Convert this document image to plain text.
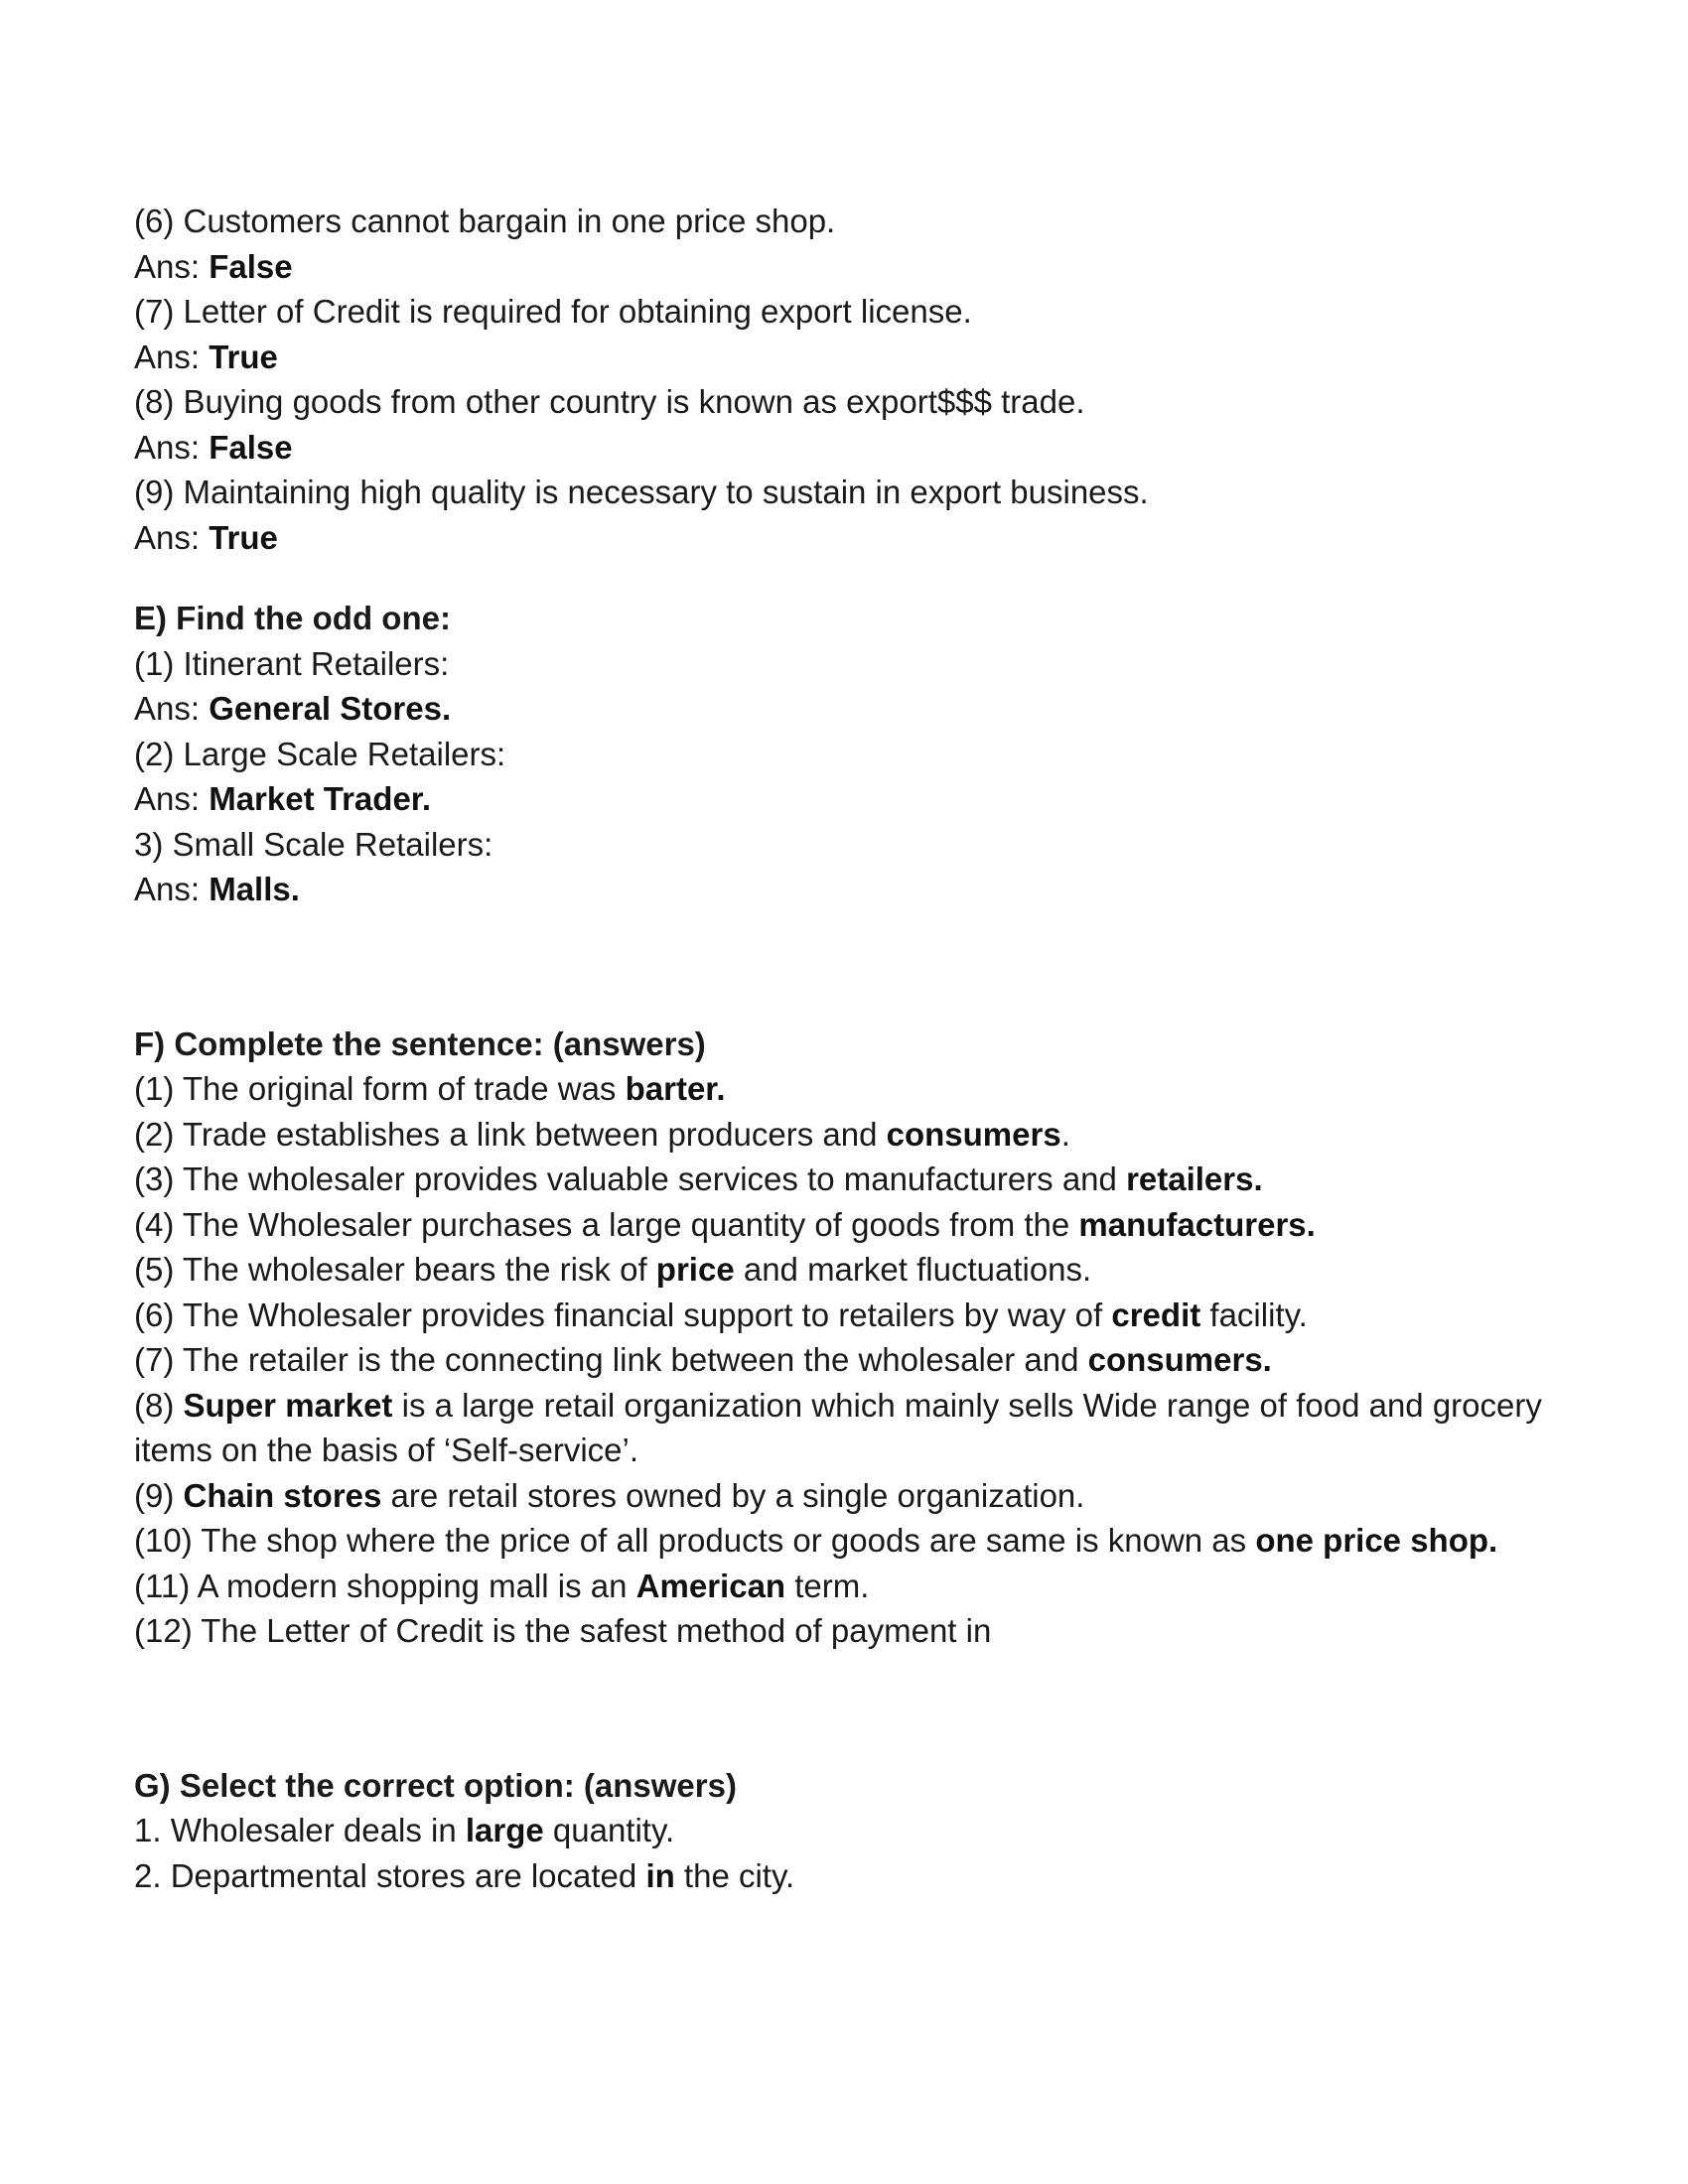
(6) Customers cannot bargain in one price shop.

Ans: False

(7) Letter of Credit is required for obtaining export license.

Ans: True

(8) Buying goods from other country is known as export$$$ trade.

Ans: False

(9) Maintaining high quality is necessary to sustain in export business.

Ans: True

E) Find the odd one:

(1) Itinerant Retailers:

Ans: General Stores.

(2) Large Scale Retailers:

Ans: Market Trader.

3) Small Scale Retailers:

Ans: Malls.

F) Complete the sentence: (answers)

(1) The original form of trade was barter.

(2) Trade establishes a link between producers and consumers.

(3) The wholesaler provides valuable services to manufacturers and retailers.

(4) The Wholesaler purchases a large quantity of goods from the manufacturers.

(5) The wholesaler bears the risk of price and market fluctuations.

(6) The Wholesaler provides financial support to retailers by way of credit facility.

(7) The retailer is the connecting link between the wholesaler and consumers.

(8) Super market is a large retail organization which mainly sells Wide range of food and grocery items on the basis of ‘Self-service’.

(9) Chain stores are retail stores owned by a single organization.

(10) The shop where the price of all products or goods are same is known as one price shop.

(11) A modern shopping mall is an American term.

(12) The Letter of Credit is the safest method of payment in

G) Select the correct option: (answers)

1. Wholesaler deals in large quantity.

2. Departmental stores are located in the city.
